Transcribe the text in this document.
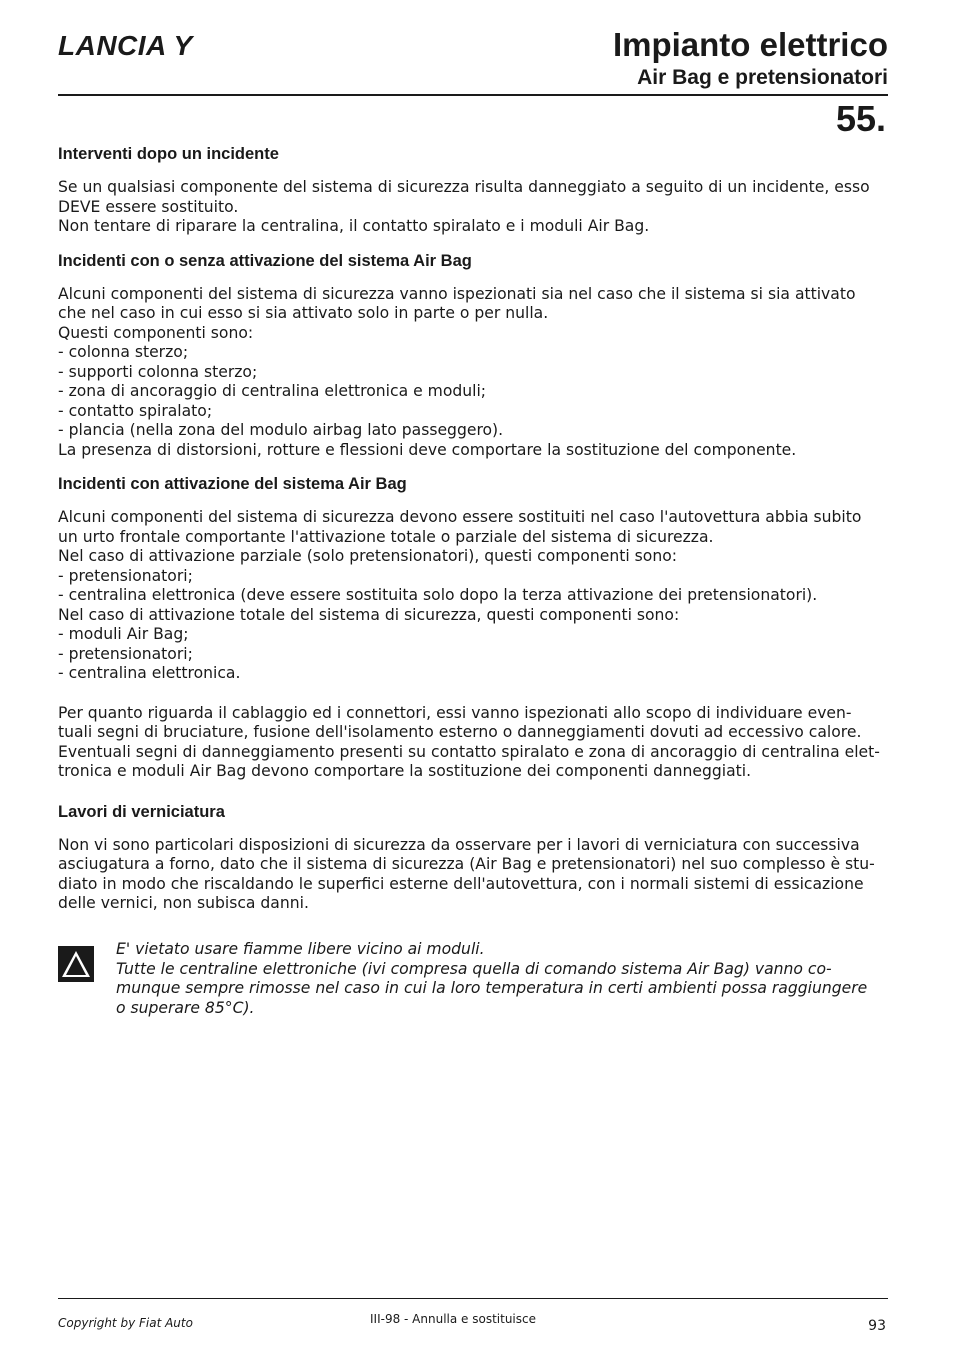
LANCIA Y	Impianto elettrico
Air Bag e pretensionatori
55.
Interventi dopo un incidente
Se un qualsiasi componente del sistema di sicurezza risulta danneggiato a seguito di un incidente, esso
DEVE essere sostituito.
Non tentare di riparare la centralina, il contatto spiralato e i moduli Air Bag.
Incidenti con o senza attivazione del sistema Air Bag
Alcuni componenti del sistema di sicurezza vanno ispezionati sia nel caso che il sistema si sia attivato
che nel caso in cui esso si sia attivato solo in parte o per nulla.
Questi componenti sono:
- colonna sterzo;
- supporti colonna sterzo;
- zona di ancoraggio di centralina elettronica e moduli;
- contatto spiralato;
- plancia (nella zona del modulo airbag lato passeggero).
La presenza di distorsioni, rotture e flessioni deve comportare la sostituzione del componente.
Incidenti con attivazione del sistema Air Bag
Alcuni componenti del sistema di sicurezza devono essere sostituiti nel caso l'autovettura abbia subito
un urto frontale comportante l'attivazione totale o parziale del sistema di sicurezza.
Nel caso di attivazione parziale (solo pretensionatori), questi componenti sono:
- pretensionatori;
- centralina elettronica (deve essere sostituita solo dopo la terza attivazione dei pretensionatori).
Nel caso di attivazione totale del sistema di sicurezza, questi componenti sono:
- moduli Air Bag;
- pretensionatori;
- centralina elettronica.
Per quanto riguarda il cablaggio ed i connettori, essi vanno ispezionati allo scopo di individuare even-
tuali segni di bruciature, fusione dell'isolamento esterno o danneggiamenti dovuti ad eccessivo calore.
Eventuali segni di danneggiamento presenti su contatto spiralato e zona di ancoraggio di centralina elet-
tronica e moduli Air Bag devono comportare la sostituzione dei componenti danneggiati.
Lavori di verniciatura
Non vi sono particolari disposizioni di sicurezza da osservare per i lavori di verniciatura con successiva
asciugatura a forno, dato che il sistema di sicurezza (Air Bag e pretensionatori) nel suo complesso è stu-
diato in modo che riscaldando le superfici esterne dell'autovettura, con i normali sistemi di essicazione
delle vernici, non subisca danni.
E' vietato usare fiamme libere vicino ai moduli.
Tutte le centraline elettroniche (ivi compresa quella di comando sistema Air Bag) vanno co-
munque sempre rimosse nel caso in cui la loro temperatura in certi ambienti possa raggiungere
o superare 85°C).
Copyright by Fiat Auto	III-98 - Annulla e sostituisce	93
